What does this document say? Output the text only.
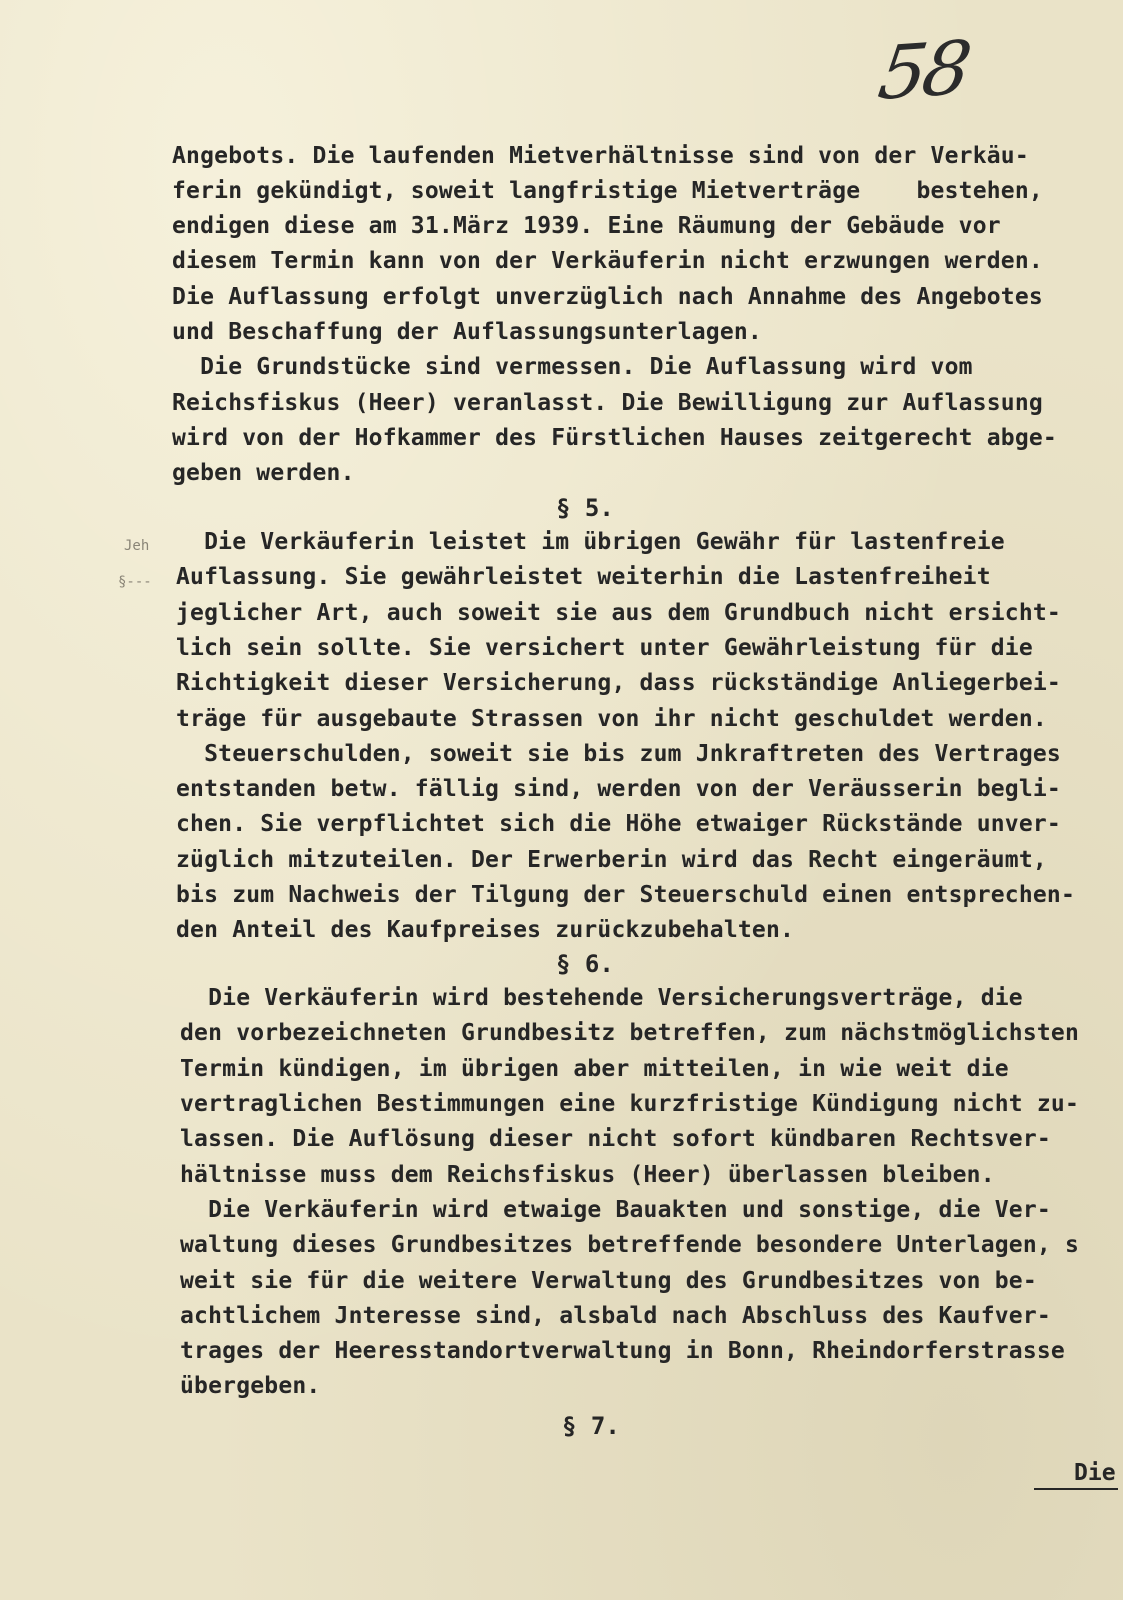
58
Jeh
§---
Angebots. Die laufenden Mietverhältnisse sind von der Verkäu-
ferin gekündigt, soweit langfristige Mietverträge    bestehen,
endigen diese am 31.März 1939. Eine Räumung der Gebäude vor
diesem Termin kann von der Verkäuferin nicht erzwungen werden.
Die Auflassung erfolgt unverzüglich nach Annahme des Angebotes
und Beschaffung der Auflassungsunterlagen.
Die Grundstücke sind vermessen. Die Auflassung wird vom
Reichsfiskus (Heer) veranlasst. Die Bewilligung zur Auflassung
wird von der Hofkammer des Fürstlichen Hauses zeitgerecht abge-
geben werden.
§ 5.
Die Verkäuferin leistet im übrigen Gewähr für lastenfreie
Auflassung. Sie gewährleistet weiterhin die Lastenfreiheit
jeglicher Art, auch soweit sie aus dem Grundbuch nicht ersicht-
lich sein sollte. Sie versichert unter Gewährleistung für die
Richtigkeit dieser Versicherung, dass rückständige Anliegerbei-
träge für ausgebaute Strassen von ihr nicht geschuldet werden.
Steuerschulden, soweit sie bis zum Jnkraftreten des Vertrages
entstanden betw. fällig sind, werden von der Veräusserin begli-
chen. Sie verpflichtet sich die Höhe etwaiger Rückstände unver-
züglich mitzuteilen. Der Erwerberin wird das Recht eingeräumt,
bis zum Nachweis der Tilgung der Steuerschuld einen entsprechen-
den Anteil des Kaufpreises zurückzubehalten.
§ 6.
Die Verkäuferin wird bestehende Versicherungsverträge, die
den vorbezeichneten Grundbesitz betreffen, zum nächstmöglichsten
Termin kündigen, im übrigen aber mitteilen, in wie weit die
vertraglichen Bestimmungen eine kurzfristige Kündigung nicht zu-
lassen. Die Auflösung dieser nicht sofort kündbaren Rechtsver-
hältnisse muss dem Reichsfiskus (Heer) überlassen bleiben.
Die Verkäuferin wird etwaige Bauakten und sonstige, die Ver-
waltung dieses Grundbesitzes betreffende besondere Unterlagen, s
weit sie für die weitere Verwaltung des Grundbesitzes von be-
achtlichem Jnteresse sind, alsbald nach Abschluss des Kaufver-
trages der Heeresstandortverwaltung in Bonn, Rheindorferstrasse
übergeben.
§ 7.
Die
